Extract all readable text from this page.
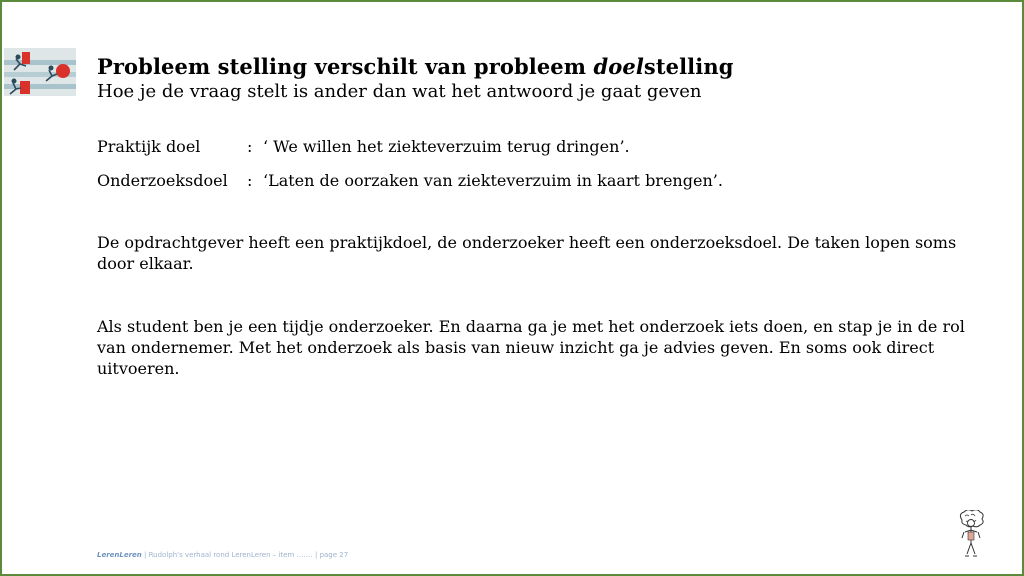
Probleem stelling verschilt van probleem doelstelling

Hoe je de vraag stelt is ander dan wat het antwoord je gaat geven

Praktijk doel	: ‘ We willen het ziekteverzuim terug dringen’.
Onderzoeksdoel : ‘Laten de oorzaken van ziekteverzuim in kaart brengen’.

De opdrachtgever heeft een praktijkdoel, de onderzoeker heeft een onderzoeksdoel. De taken lopen soms door elkaar.

Als student ben je een tijdje onderzoeker. En daarna ga je met het onderzoek iets doen, en stap je in de rol van ondernemer. Met het onderzoek als basis van nieuw inzicht ga je advies geven. En soms ook direct uitvoeren.

LerenLeren | Rudolph's verhaal rond LerenLeren – item ……. | page 27
